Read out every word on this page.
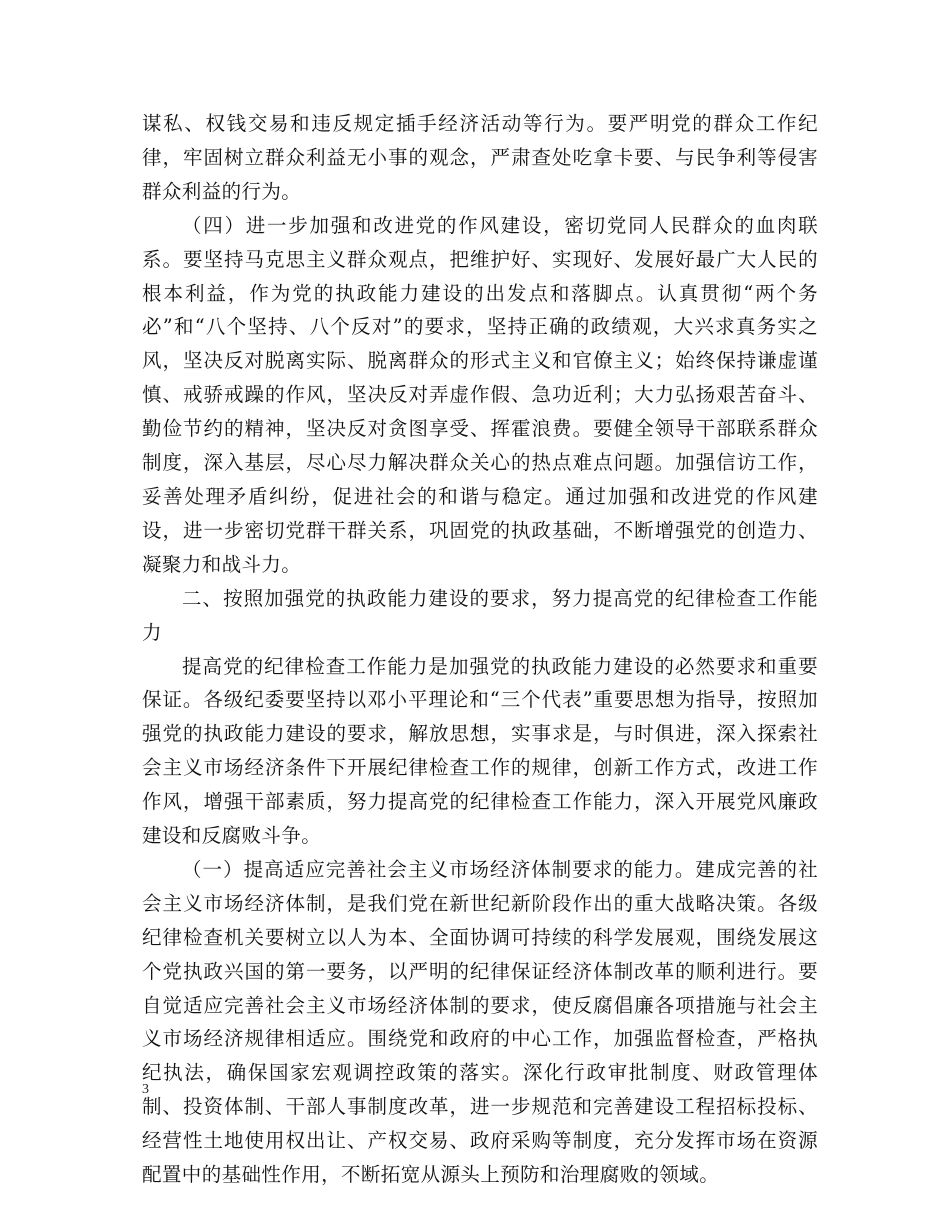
谋私、权钱交易和违反规定插手经济活动等行为。要严明党的群众工作纪律，牢固树立群众利益无小事的观念，严肃查处吃拿卡要、与民争利等侵害群众利益的行为。

（四）进一步加强和改进党的作风建设，密切党同人民群众的血肉联系。要坚持马克思主义群众观点，把维护好、实现好、发展好最广大人民的根本利益，作为党的执政能力建设的出发点和落脚点。认真贯彻“两个务必”和“八个坚持、八个反对”的要求，坚持正确的政绩观，大兴求真务实之风，坚决反对脱离实际、脱离群众的形式主义和官僚主义；始终保持谦虚谨慎、戒骄戒躁的作风，坚决反对弄虚作假、急功近利；大力弘扬艰苦奋斗、勤俭节约的精神，坚决反对贪图享受、挥霍浪费。要健全领导干部联系群众制度，深入基层，尽心尽力解决群众关心的热点难点问题。加强信访工作，妥善处理矛盾纠纷，促进社会的和谐与稳定。通过加强和改进党的作风建设，进一步密切党群干群关系，巩固党的执政基础，不断增强党的创造力、凝聚力和战斗力。

二、按照加强党的执政能力建设的要求，努力提高党的纪律检查工作能力

提高党的纪律检查工作能力是加强党的执政能力建设的必然要求和重要保证。各级纪委要坚持以邓小平理论和“三个代表”重要思想为指导，按照加强党的执政能力建设的要求，解放思想，实事求是，与时俱进，深入探索社会主义市场经济条件下开展纪律检查工作的规律，创新工作方式，改进工作作风，增强干部素质，努力提高党的纪律检查工作能力，深入开展党风廉政建设和反腐败斗争。

（一）提高适应完善社会主义市场经济体制要求的能力。建成完善的社会主义市场经济体制，是我们党在新世纪新阶段作出的重大战略决策。各级纪律检查机关要树立以人为本、全面协调可持续的科学发展观，围绕发展这个党执政兴国的第一要务，以严明的纪律保证经济体制改革的顺利进行。要自觉适应完善社会主义市场经济体制的要求，使反腐倡廉各项措施与社会主义市场经济规律相适应。围绕党和政府的中心工作，加强监督检查，严格执纪执法，确保国家宏观调控政策的落实。深化行政审批制度、财政管理体制、投资体制、干部人事制度改革，进一步规范和完善建设工程招标投标、经营性土地使用权出让、产权交易、政府采购等制度，充分发挥市场在资源配置中的基础性作用，不断拓宽从源头上预防和治理腐败的领域。

3
